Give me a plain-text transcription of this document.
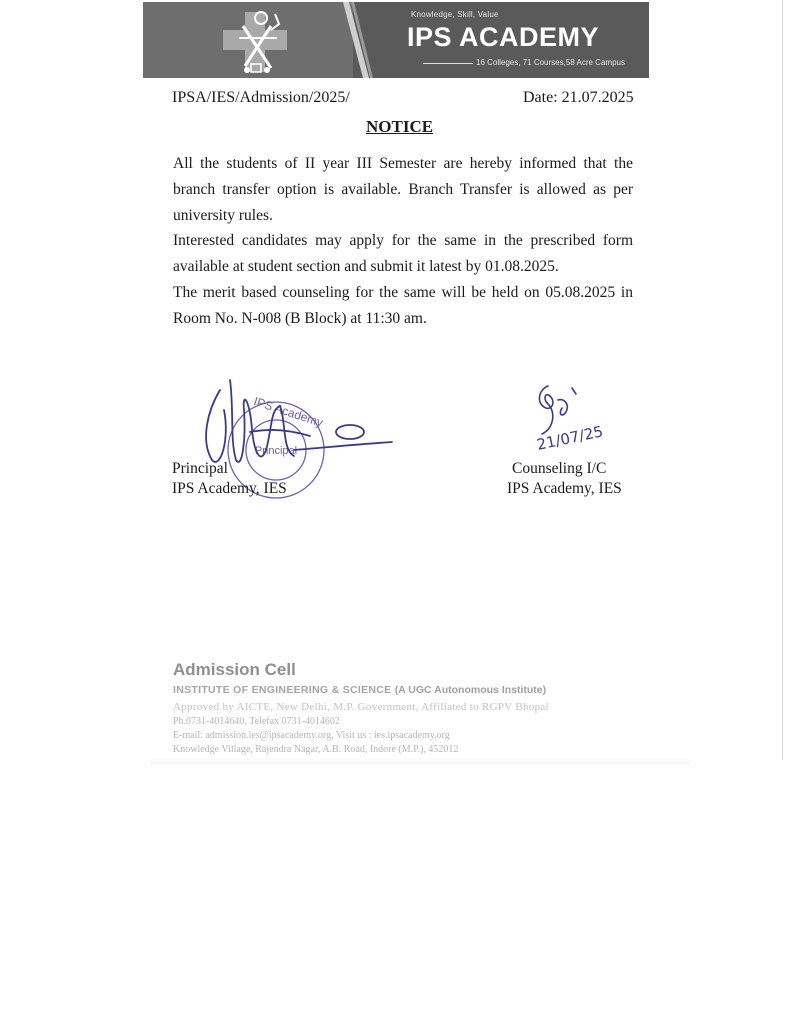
Knowledge, Skill, Value
IPS ACADEMY
16 Colleges, 71 Courses,58 Acre Campus
IPSA/IES/Admission/2025/	Date: 21.07.2025
NOTICE

All the students of II year III Semester are hereby informed that the branch transfer option is available. Branch Transfer is allowed as per university rules.

Interested candidates may apply for the same in the prescribed form available at student section and submit it latest by 01.08.2025.

The merit based counseling for the same will be held on 05.08.2025 in Room No. N-008 (B Block) at 11:30 am.

Principal
IPS Academy
Principal
IPS Academy, IES
21/07/25
Counseling I/C
IPS Academy, IES
Admission Cell
INSTITUTE OF ENGINEERING & SCIENCE (A UGC Autonomous Institute)
Approved by AICTE, New Delhi, M.P. Government, Affiliated to RGPV Bhopal
Ph.0731-4014640, Telefax 0731-4014602
E-mail: admission.ies@ipsacademy.org, Visit us : ies.ipsacademy.org
Knowledge Village, Rajendra Nagar, A.B. Road, Indore (M.P.), 452012
